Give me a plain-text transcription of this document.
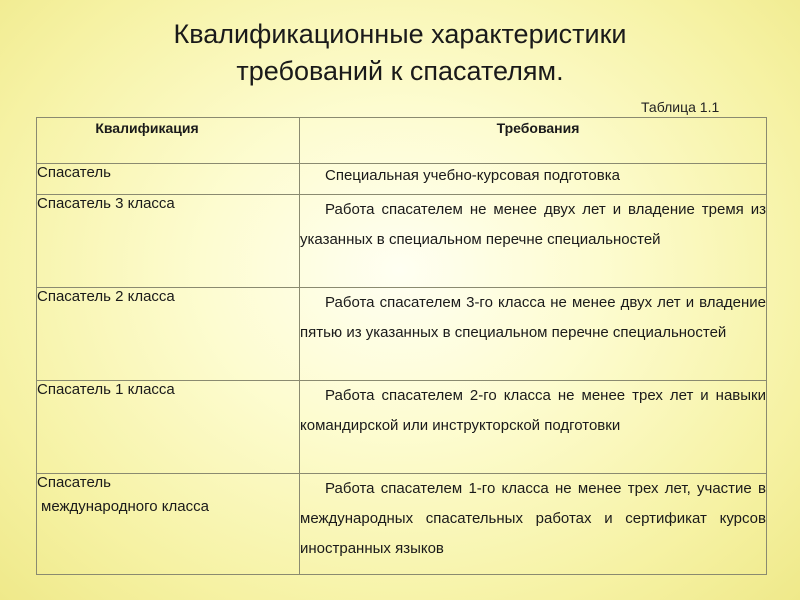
Квалификационные характеристики
требований к спасателям.
Таблица 1.1
Квалификация	Требования

Спасатель	Специальная учебно-курсовая подготовка

Спасатель 3 класса	Работа спасателем не менее двух лет и владение тремя из указанных в специальном перечне специальностей

Спасатель 2 класса	Работа спасателем 3-го класса не менее двух лет и владение пятью из указанных в специальном перечне специальностей

Спасатель 1 класса	Работа спасателем 2-го класса не менее трех лет и навыки командирской или инструкторской подготовки

Спасатель
международного класса	Работа спасателем 1-го класса не менее трех лет, участие в международных спасательных работах и сертификат курсов иностранных языков
